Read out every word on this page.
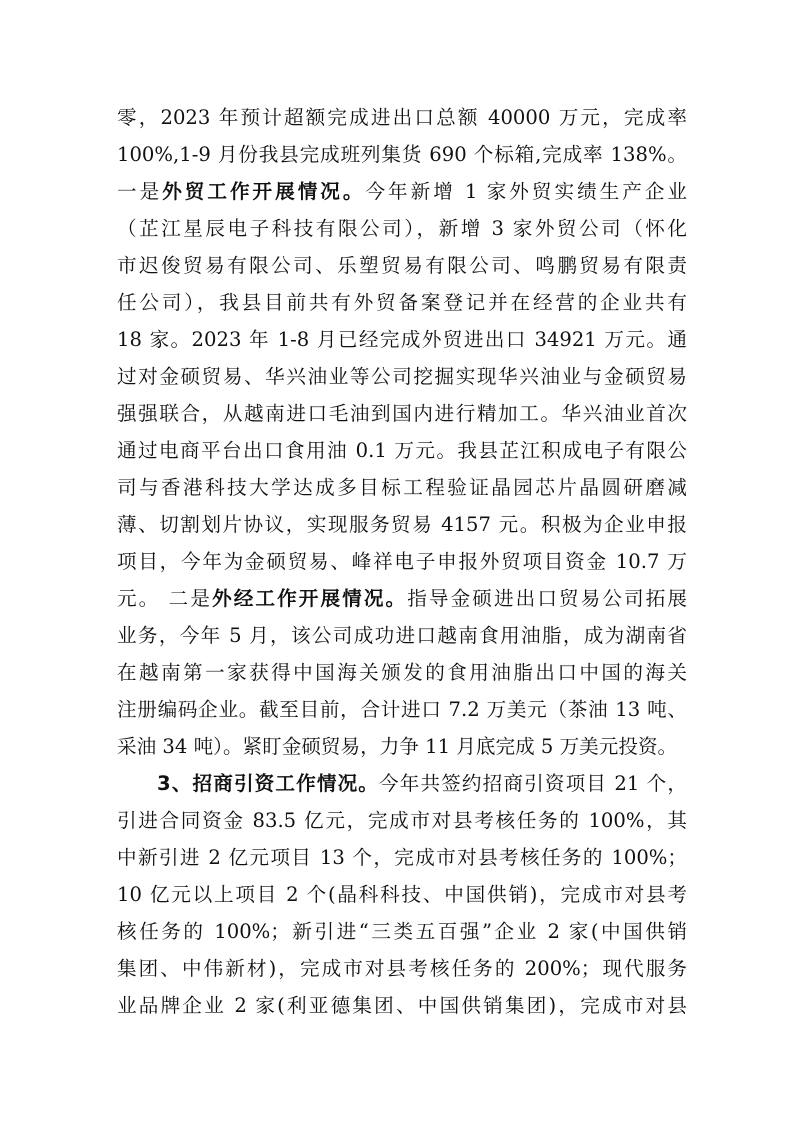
零，2023 年预计超额完成进出口总额 40000 万元，完成率
100%,1-9 月份我县完成班列集货 690 个标箱,完成率 138%。
一是外贸工作开展情况。今年新增 1 家外贸实绩生产企业
（芷江星辰电子科技有限公司），新增 3 家外贸公司（怀化
市迟俊贸易有限公司、乐塑贸易有限公司、鸣鹏贸易有限责
任公司），我县目前共有外贸备案登记并在经营的企业共有
18 家。2023 年 1-8 月已经完成外贸进出口 34921 万元。通
过对金硕贸易、华兴油业等公司挖掘实现华兴油业与金硕贸易
强强联合，从越南进口毛油到国内进行精加工。华兴油业首次
通过电商平台出口食用油 0.1 万元。我县芷江积成电子有限公
司与香港科技大学达成多目标工程验证晶园芯片晶圆研磨减
薄、切割划片协议，实现服务贸易 4157 元。积极为企业申报
项目，今年为金硕贸易、峰祥电子申报外贸项目资金 10.7 万
元。 二是外经工作开展情况。指导金硕进出口贸易公司拓展
业务，今年 5 月，该公司成功进口越南食用油脂，成为湖南省
在越南第一家获得中国海关颁发的食用油脂出口中国的海关
注册编码企业。截至目前，合计进口 7.2 万美元（茶油 13 吨、
采油 34 吨）。紧盯金硕贸易，力争 11 月底完成 5 万美元投资。
3、招商引资工作情况。今年共签约招商引资项目 21 个，
引进合同资金 83.5 亿元，完成市对县考核任务的 100%，其
中新引进 2 亿元项目 13 个，完成市对县考核任务的 100%；
10 亿元以上项目 2 个(晶科科技、中国供销)，完成市对县考
核任务的 100%；新引进“三类五百强”企业 2 家(中国供销
集团、中伟新材)，完成市对县考核任务的 200%；现代服务
业品牌企业 2 家(利亚德集团、中国供销集团)，完成市对县
